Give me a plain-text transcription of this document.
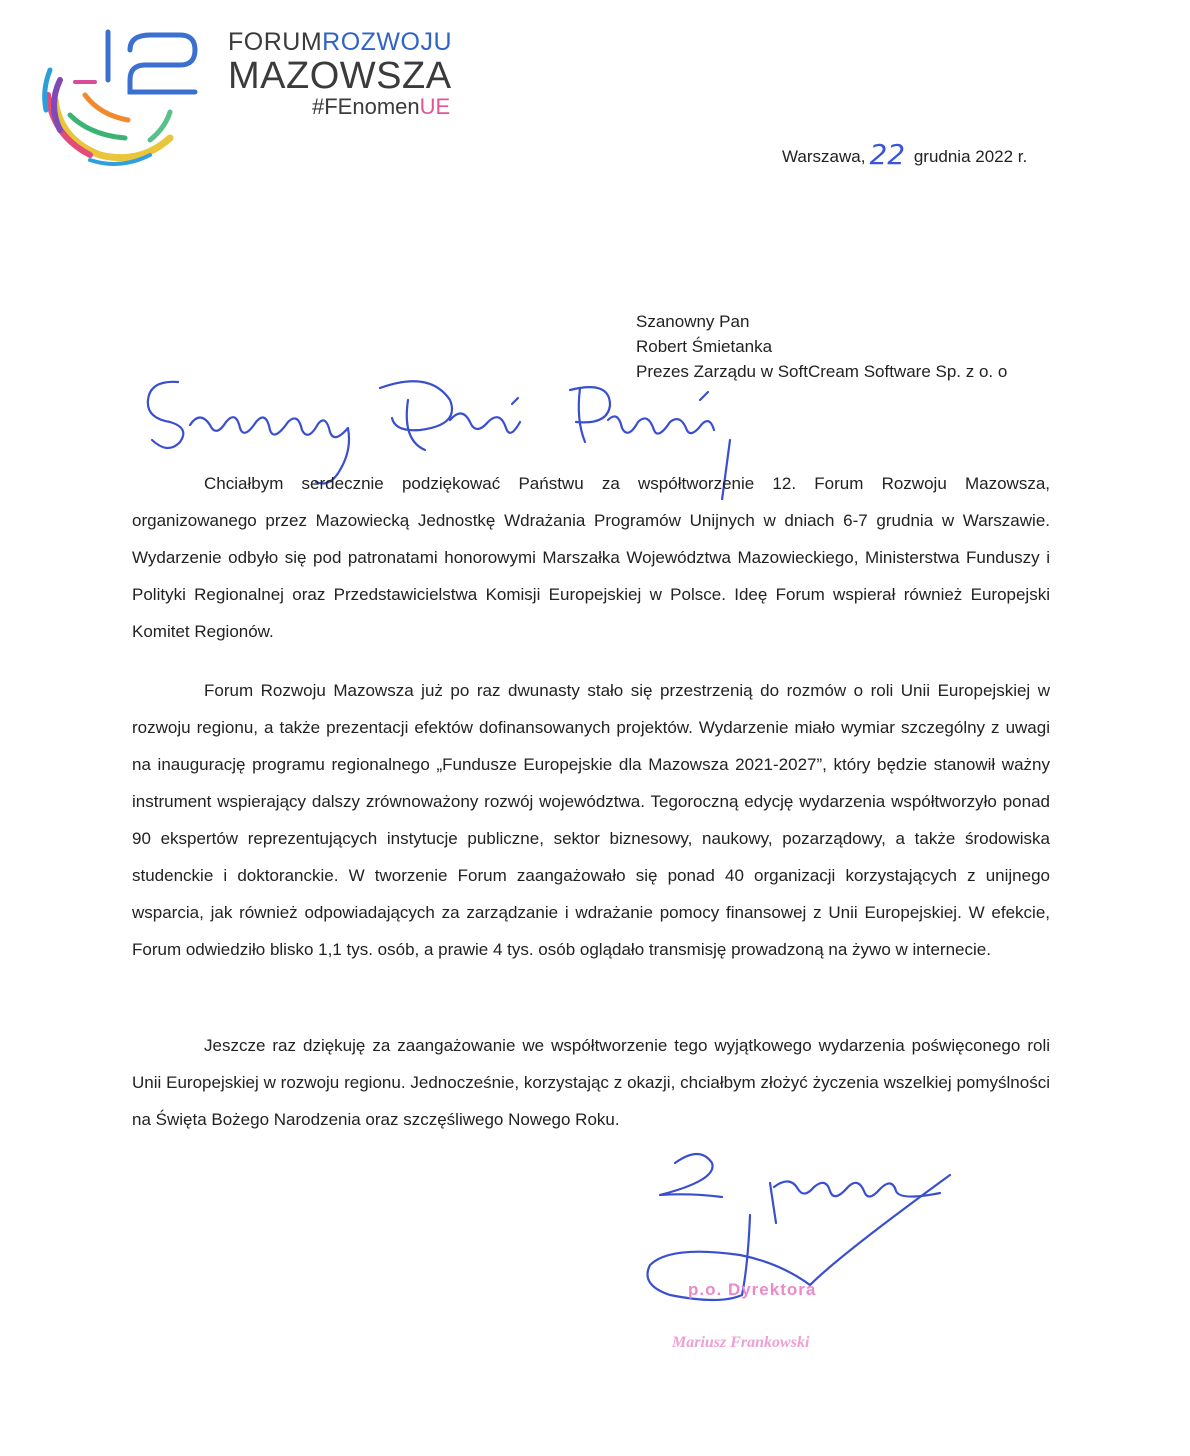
FORUMROZWOJU
MAZOWSZA
#FEnomenUE
Warszawa, 22 grudnia 2022 r.
Szanowny Pan
Robert Śmietanka
Prezes Zarządu w SoftCream Software Sp. z o. o

Chciałbym serdecznie podziękować Państwu za współtworzenie 12. Forum Rozwoju Mazowsza, organizowanego przez Mazowiecką Jednostkę Wdrażania Programów Unijnych w dniach 6-7 grudnia w Warszawie. Wydarzenie odbyło się pod patronatami honorowymi Marszałka Województwa Mazowieckiego, Ministerstwa Funduszy i Polityki Regionalnej oraz Przedstawicielstwa Komisji Europejskiej w Polsce. Ideę Forum wspierał również Europejski Komitet Regionów.

Forum Rozwoju Mazowsza już po raz dwunasty stało się przestrzenią do rozmów o roli Unii Europejskiej w rozwoju regionu, a także prezentacji efektów dofinansowanych projektów. Wydarzenie miało wymiar szczególny z uwagi na inaugurację programu regionalnego „Fundusze Europejskie dla Mazowsza 2021-2027”, który będzie stanowił ważny instrument wspierający dalszy zrównoważony rozwój województwa. Tegoroczną edycję wydarzenia współtworzyło ponad 90 ekspertów reprezentujących instytucje publiczne, sektor biznesowy, naukowy, pozarządowy, a także środowiska studenckie i doktoranckie. W tworzenie Forum zaangażowało się ponad 40 organizacji korzystających z unijnego wsparcia, jak również odpowiadających za zarządzanie i wdrażanie pomocy finansowej z Unii Europejskiej. W efekcie, Forum odwiedziło blisko 1,1 tys. osób, a prawie 4 tys. osób oglądało transmisję prowadzoną na żywo w internecie.

Jeszcze raz dziękuję za zaangażowanie we współtworzenie tego wyjątkowego wydarzenia poświęconego roli Unii Europejskiej w rozwoju regionu. Jednocześnie, korzystając z okazji, chciałbym złożyć życzenia wszelkiej pomyślności na Święta Bożego Narodzenia oraz szczęśliwego Nowego Roku.

p.o. Dyrektora
Mariusz Frankowski
